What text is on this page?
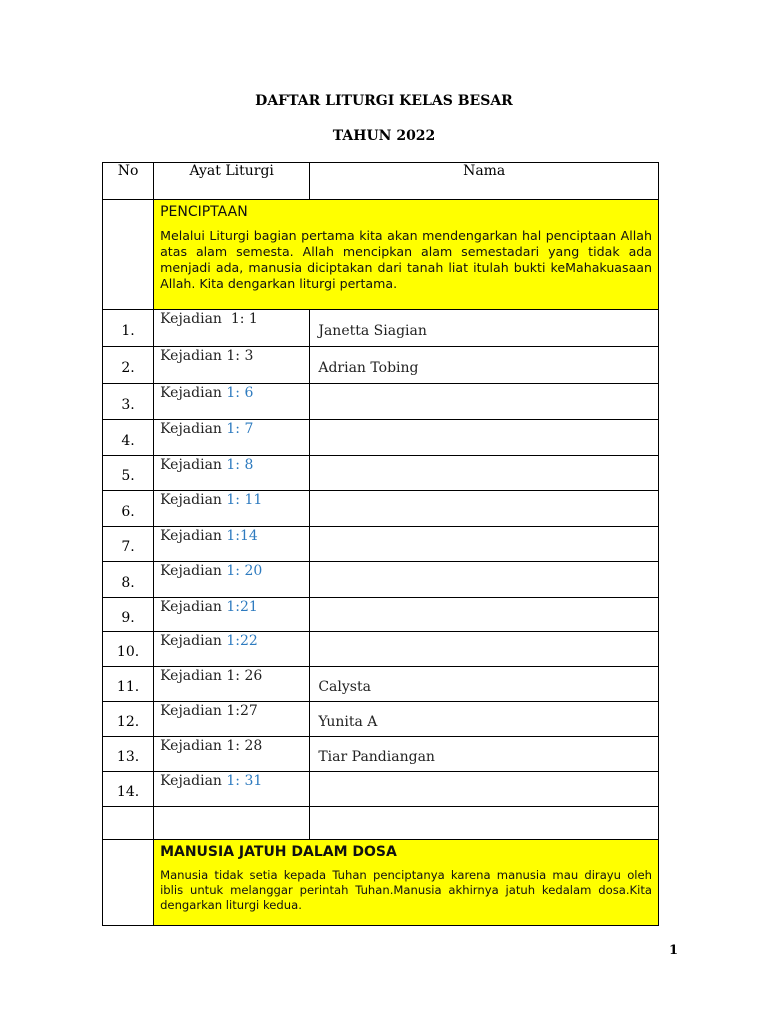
DAFTAR LITURGI KELAS BESAR
TAHUN 2022
No	Ayat Liturgi	Nama

	PENCIPTAAN
Melalui Liturgi bagian pertama kita akan mendengarkan hal penciptaan Allah atas alam semesta. Allah mencipkan alam semestadari yang tidak ada menjadi ada, manusia diciptakan dari tanah liat itulah bukti keMahakuasaan Allah. Kita dengarkan liturgi pertama.	

1.	Kejadian  1: 1	Janetta Siagian
2.	Kejadian 1: 3	Adrian Tobing
3.	Kejadian 1: 6	
4.	Kejadian 1: 7	
5.	Kejadian 1: 8	
6.	Kejadian 1: 11	
7.	Kejadian 1:14	
8.	Kejadian 1: 20	
9.	Kejadian 1:21	
10.	Kejadian 1:22	
11.	Kejadian 1: 26	Calysta
12.	Kejadian 1:27	Yunita A
13.	Kejadian 1: 28	Tiar Pandiangan
14.	Kejadian 1: 31	

	MANUSIA JATUH DALAM DOSA
Manusia tidak setia kepada Tuhan penciptanya karena manusia mau dirayu oleh iblis untuk melanggar perintah Tuhan.Manusia akhirnya jatuh kedalam dosa.Kita dengarkan liturgi kedua.	
1
